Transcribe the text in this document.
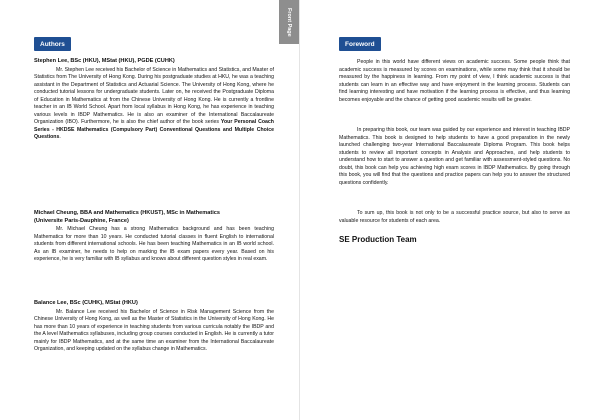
Front Page
Authors	Foreword
Stephen Lee, BSc (HKU), MStat (HKU), PGDE (CUHK)
Mr. Stephen Lee received his Bachelor of Science in Mathematics and Statistics, and Master of Statistics from The University of Hong Kong. During his postgraduate studies at HKU, he was a teaching assistant in the Department of Statistics and Actuarial Science. The University of Hong Kong, where he conducted tutorial lessons for undergraduate students. Later on, he received the Postgraduate Diploma of Education in Mathematics at from the Chinese University of Hong Kong. He is currently a frontline teacher in an IB World School. Apart from local syllabus in Hong Kong, he has experience in teaching various levels in IBDP Mathematics. He is also an examiner of the International Baccalaureate Organization (IBO). Furthermore, he is also the chief author of the book series Your Personal Coach Series - HKDSE Mathematics (Compulsory Part) Conventional Questions and Multiple Choice Questions.
Michael Cheung, BBA and Mathematics (HKUST), MSc in Mathematics
(Universite Paris-Dauphine, France)
Mr. Michael Cheung has a strong Mathematics background and has been teaching Mathematics for more than 10 years. He conducted tutorial classes in fluent English to international students from different international schools. He has been teaching Mathematics in an IB world school. As an IB examiner, he needs to help on marking the IB exam papers every year. Based on his experience, he is very familiar with IB syllabus and knows about different question styles in real exam.
Balance Lee, BSc (CUHK), MStat (HKU)
Mr. Balance Lee received his Bachelor of Science in Risk Management Science from the Chinese University of Hong Kong, as well as the Master of Statistics in the University of Hong Kong. He has more than 10 years of experience in teaching students from various curricula notably the IBDP and the A level Mathematics syllabuses, including group courses conducted in English. He is currently a tutor mainly for IBDP Mathematics, and at the same time an examiner from the International Baccalaureate Organization, and keeping updated on the syllabus change in Mathematics.

People in this world have different views on academic success. Some people think that academic success is measured by scores on examinations, while some may think that it should be measured by the happiness in learning. From my point of view, I think academic success is that students can learn in an effective way and have enjoyment in the learning process. Students can find learning interesting and have motivation if the learning process is effective, and thus learning becomes enjoyable and the chance of getting good academic results will be greater.

In preparing this book, our team was guided by our experience and interest in teaching IBDP Mathematics. This book is designed to help students to have a good preparation in the newly launched challenging two-year International Baccalaureate Diploma Program. This book helps students to review all important concepts in Analysis and Approaches, and help students to understand how to start to answer a question and get familiar with assessment-styled questions. No doubt, this book can help you achieving high exam scores in IBDP Mathematics. By going through this book, you will find that the questions and practice papers can help you to answer the structured questions confidently.

To sum up, this book is not only to be a successful practice source, but also to serve as valuable resource for students of each area.

SE Production Team
